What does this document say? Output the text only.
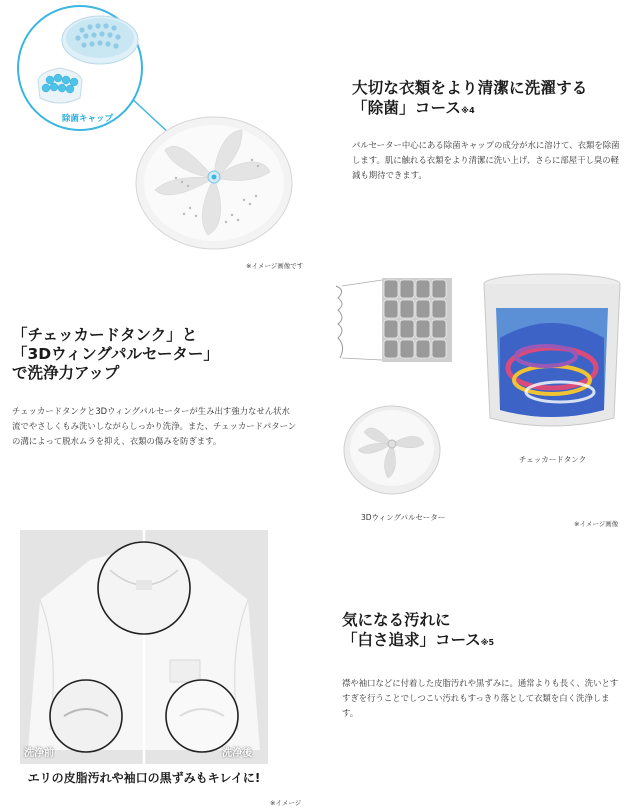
除菌キャップ
大切な衣類をより清潔に洗濯する
「除菌」コース※4

パルセーター中心にある除菌キャップの成分が水に溶けて、衣類を除菌します。肌に触れる衣類をより清潔に洗い上げ、さらに部屋干し臭の軽減も期待できます。

※イメージ画像です
「チェッカードタンク」と
「3Dウィングパルセーター」
で洗浄力アップ

チェッカードタンクと3Dウィングパルセーターが生み出す強力なせん状水流でやさしくもみ洗いしながらしっかり洗浄。また、チェッカードパターンの溝によって脱水ムラを抑え、衣類の傷みを防ぎます。

チェッカードタンク
3Dウィングパルセーター
※イメージ画像
洗浄前	洗浄後
エリの皮脂汚れや袖口の黒ずみもキレイに!
※イメージ
気になる汚れに
「白さ追求」コース※5

襟や袖口などに付着した皮脂汚れや黒ずみに。通常よりも長く、洗いとすすぎを行うことでしつこい汚れもすっきり落として衣類を白く洗浄します。
